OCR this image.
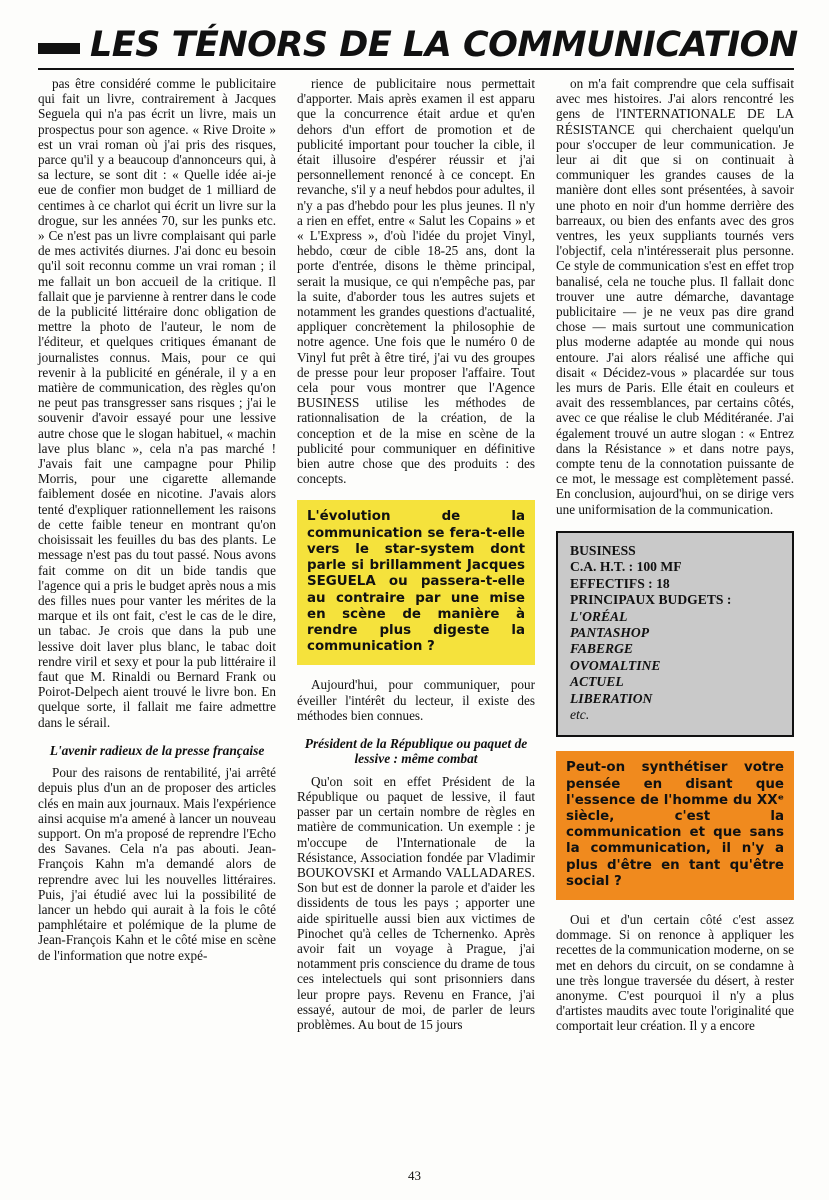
LES TÉNORS DE LA COMMUNICATION

pas être considéré comme le publicitaire qui fait un livre, contrairement à Jacques Seguela qui n'a pas écrit un livre, mais un prospectus pour son agence. « Rive Droite » est un vrai roman où j'ai pris des risques, parce qu'il y a beaucoup d'annonceurs qui, à sa lecture, se sont dit : « Quelle idée ai-je eue de confier mon budget de 1 milliard de centimes à ce charlot qui écrit un livre sur la drogue, sur les années 70, sur les punks etc. » Ce n'est pas un livre complaisant qui parle de mes activités diurnes. J'ai donc eu besoin qu'il soit reconnu comme un vrai roman ; il me fallait un bon accueil de la critique. Il fallait que je parvienne à rentrer dans le code de la publicité littéraire donc obligation de mettre la photo de l'auteur, le nom de l'éditeur, et quelques critiques émanant de journalistes connus. Mais, pour ce qui revenir à la publicité en générale, il y a en matière de communication, des règles qu'on ne peut pas transgresser sans risques ; j'ai le souvenir d'avoir essayé pour une lessive autre chose que le slogan habituel, « machin lave plus blanc », cela n'a pas marché ! J'avais fait une campagne pour Philip Morris, pour une cigarette allemande faiblement dosée en nicotine. J'avais alors tenté d'expliquer rationnellement les raisons de cette faible teneur en montrant qu'on choisissait les feuilles du bas des plants. Le message n'est pas du tout passé. Nous avons fait comme on dit un bide tandis que l'agence qui a pris le budget après nous a mis des filles nues pour vanter les mérites de la marque et ils ont fait, c'est le cas de le dire, un tabac. Je crois que dans la pub une lessive doit laver plus blanc, le tabac doit rendre viril et sexy et pour la pub littéraire il faut que M. Rinaldi ou Bernard Frank ou Poirot-Delpech aient trouvé le livre bon. En quelque sorte, il fallait me faire admettre dans le sérail.

L'avenir radieux de la presse française

Pour des raisons de rentabilité, j'ai arrêté depuis plus d'un an de proposer des articles clés en main aux journaux. Mais l'expérience ainsi acquise m'a amené à lancer un nouveau support. On m'a proposé de reprendre l'Echo des Savanes. Cela n'a pas abouti. Jean-François Kahn m'a demandé alors de reprendre avec lui les nouvelles littéraires. Puis, j'ai étudié avec lui la possibilité de lancer un hebdo qui aurait à la fois le côté pamphlétaire et polémique de la plume de Jean-François Kahn et le côté mise en scène de l'information que notre expé-

rience de publicitaire nous permettait d'apporter. Mais après examen il est apparu que la concurrence était ardue et qu'en dehors d'un effort de promotion et de publicité important pour toucher la cible, il était illusoire d'espérer réussir et j'ai personnellement renoncé à ce concept. En revanche, s'il y a neuf hebdos pour adultes, il n'y a pas d'hebdo pour les plus jeunes. Il n'y a rien en effet, entre « Salut les Copains » et « L'Express », d'où l'idée du projet Vinyl, hebdo, cœur de cible 18-25 ans, dont la porte d'entrée, disons le thème principal, serait la musique, ce qui n'empêche pas, par la suite, d'aborder tous les autres sujets et notamment les grandes questions d'actualité, appliquer concrètement la philosophie de notre agence. Une fois que le numéro 0 de Vinyl fut prêt à être tiré, j'ai vu des groupes de presse pour leur proposer l'affaire. Tout cela pour vous montrer que l'Agence BUSINESS utilise les méthodes de rationnalisation de la création, de la conception et de la mise en scène de la publicité pour communiquer en définitive bien autre chose que des produits : des concepts.

L'évolution de la communication se fera-t-elle vers le star-system dont parle si brillamment Jacques SEGUELA ou passera-t-elle au contraire par une mise en scène de manière à rendre plus digeste la communication ?

Aujourd'hui, pour communiquer, pour éveiller l'intérêt du lecteur, il existe des méthodes bien connues.

Président de la République ou paquet de lessive : même combat

Qu'on soit en effet Président de la République ou paquet de lessive, il faut passer par un certain nombre de règles en matière de communication. Un exemple : je m'occupe de l'Internationale de la Résistance, Association fondée par Vladimir BOUKOVSKI et Armando VALLADARES. Son but est de donner la parole et d'aider les dissidents de tous les pays ; apporter une aide spirituelle aussi bien aux victimes de Pinochet qu'à celles de Tchernenko. Après avoir fait un voyage à Prague, j'ai notamment pris conscience du drame de tous ces intelectuels qui sont prisonniers dans leur propre pays. Revenu en France, j'ai essayé, autour de moi, de parler de leurs problèmes. Au bout de 15 jours

on m'a fait comprendre que cela suffisait avec mes histoires. J'ai alors rencontré les gens de l'INTERNATIONALE DE LA RÉSISTANCE qui cherchaient quelqu'un pour s'occuper de leur communication. Je leur ai dit que si on continuait à communiquer les grandes causes de la manière dont elles sont présentées, à savoir une photo en noir d'un homme derrière des barreaux, ou bien des enfants avec des gros ventres, les yeux suppliants tournés vers l'objectif, cela n'intéresserait plus personne. Ce style de communication s'est en effet trop banalisé, cela ne touche plus. Il fallait donc trouver une autre démarche, davantage publicitaire — je ne veux pas dire grand chose — mais surtout une communication plus moderne adaptée au monde qui nous entoure. J'ai alors réalisé une affiche qui disait « Décidez-vous » placardée sur tous les murs de Paris. Elle était en couleurs et avait des ressemblances, par certains côtés, avec ce que réalise le club Méditéranée. J'ai également trouvé un autre slogan : « Entrez dans la Résistance » et dans notre pays, compte tenu de la connotation puissante de ce mot, le message est complètement passé. En conclusion, aujourd'hui, on se dirige vers une uniformisation de la communication.

BUSINESS
C.A. H.T. : 100 MF
EFFECTIFS : 18
PRINCIPAUX BUDGETS :
L'ORÉAL
PANTASHOP
FABERGE
OVOMALTINE
ACTUEL
LIBERATION
etc.
Peut-on synthétiser votre pensée en disant que l'essence de l'homme du XXᵉ siècle, c'est la communication et que sans la communication, il n'y a plus d'être en tant qu'être social ?

Oui et d'un certain côté c'est assez dommage. Si on renonce à appliquer les recettes de la communication moderne, on se met en dehors du circuit, on se condamne à une très longue traversée du désert, à rester anonyme. C'est pourquoi il n'y a plus d'artistes maudits avec toute l'originalité que comportait leur création. Il y a encore

43
